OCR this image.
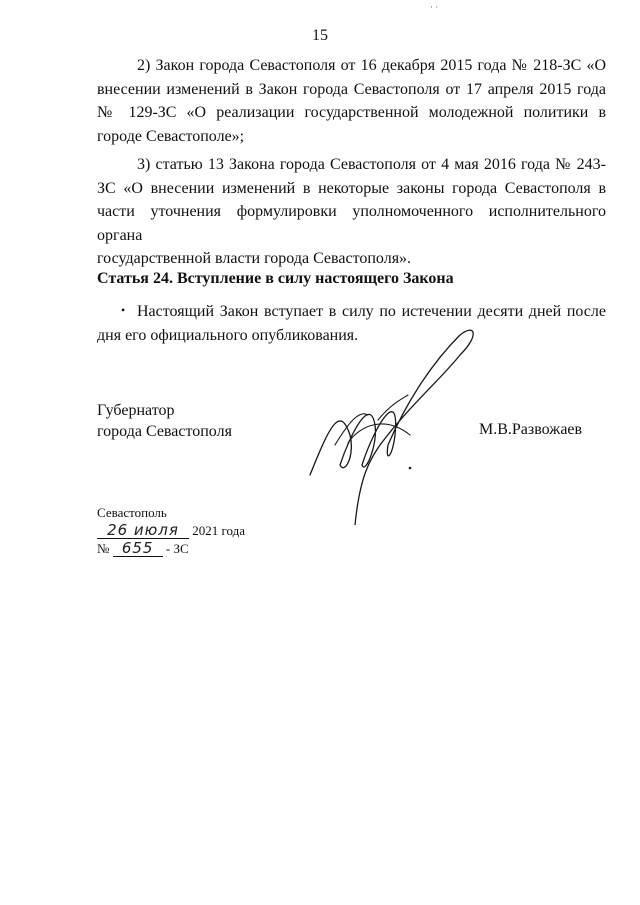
· ·
15
2) Закон города Севастополя от 16 декабря 2015 года № 218-ЗС «О внесении изменений в Закон города Севастополя от 17 апреля 2015 года № 129-ЗС «О реализации государственной молодежной политики в городе Севастополе»;
3) статью 13 Закона города Севастополя от 4 мая 2016 года № 243-ЗС «О внесении изменений в некоторые законы города Севастополя в части уточнения формулировки уполномоченного исполнительного органа
государственной власти города Севастополя».
Статья 24. Вступление в силу настоящего Закона
• Настоящий Закон вступает в силу по истечении десяти дней после дня его официального опубликования.
Губернатор
города Севастополя	М.В.Развожаев
Севастополь
26 июля 2021 года
№ 655 - ЗС
